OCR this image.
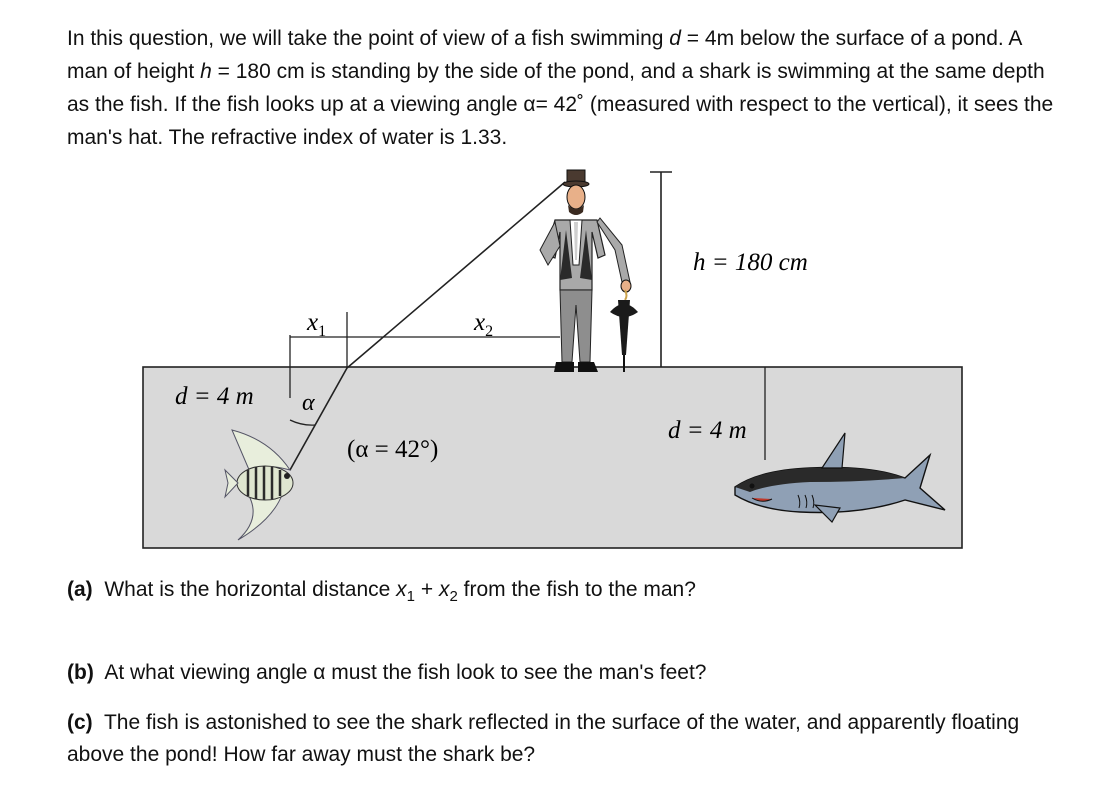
In this question, we will take the point of view of a fish swimming d = 4m below the surface of a pond. A man of height h = 180 cm is standing by the side of the pond, and a shark is swimming at the same depth as the fish. If the fish looks up at a viewing angle α= 42˚ (measured with respect to the vertical), it sees the man's hat. The refractive index of water is 1.33.

d = 4 m
d = 4 m
h = 180 cm
$x_1$	$x_2$
α
(α = 42°)

(a) What is the horizontal distance $x_1 + x_2$ from the fish to the man?

(b) At what viewing angle α must the fish look to see the man's feet?

(c) The fish is astonished to see the shark reflected in the surface of the water, and apparently floating above the pond! How far away must the shark be?
